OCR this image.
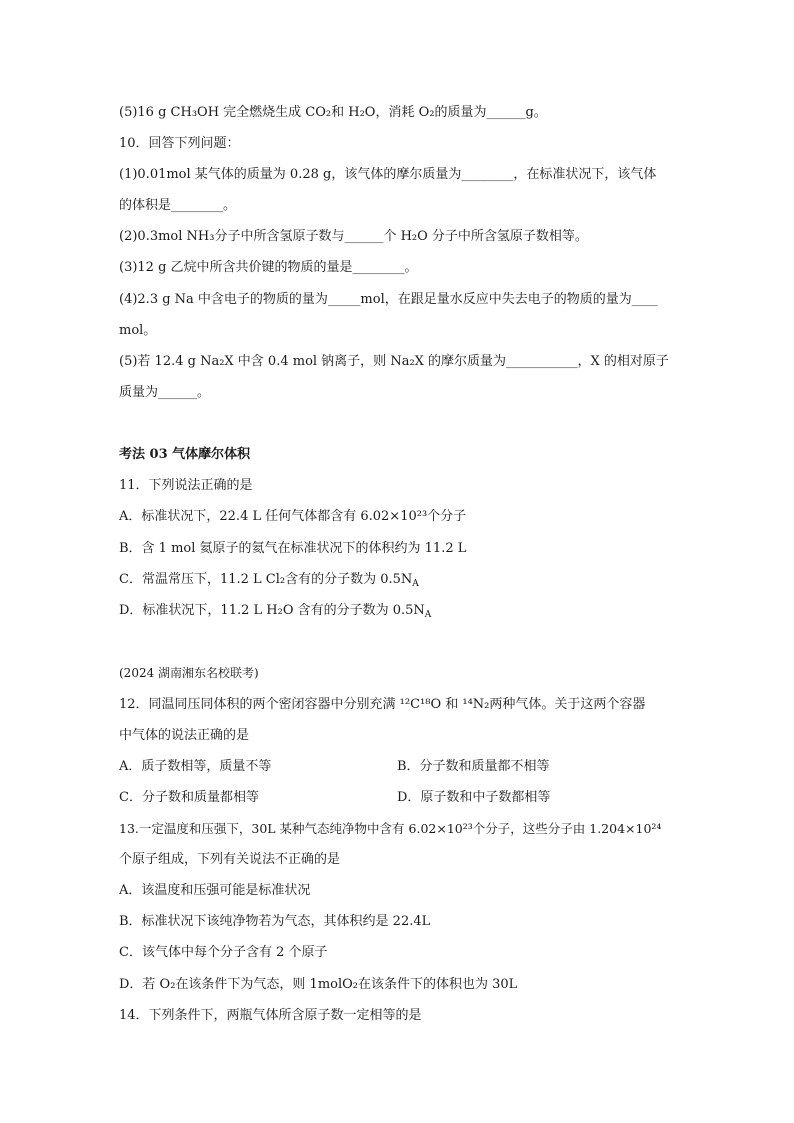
(5)16 g CH₃OH 完全燃烧生成 CO₂和 H₂O，消耗 O₂的质量为______g。
10．回答下列问题：
(1)0.01mol 某气体的质量为 0.28 g，该气体的摩尔质量为________，在标准状况下，该气体
的体积是________。
(2)0.3mol NH₃分子中所含氢原子数与______个 H₂O 分子中所含氢原子数相等。
(3)12 g 乙烷中所含共价键的物质的量是________。
(4)2.3 g Na 中含电子的物质的量为_____mol，在跟足量水反应中失去电子的物质的量为____
mol。
(5)若 12.4 g Na₂X 中含 0.4 mol 钠离子，则 Na₂X 的摩尔质量为___________，X 的相对原子
质量为______。
考法 03 气体摩尔体积
11．下列说法正确的是
A．标准状况下，22.4 L 任何气体都含有 6.02×10²³个分子
B．含 1 mol 氦原子的氦气在标准状况下的体积约为 11.2 L
C．常温常压下，11.2 L Cl₂含有的分子数为 $0.5N_A$
D．标准状况下，11.2 L H₂O 含有的分子数为 $0.5N_A$
(2024 湖南湘东名校联考)
12．同温同压同体积的两个密闭容器中分别充满 ¹²C¹⁸O 和 ¹⁴N₂两种气体。关于这两个容器
中气体的说法正确的是
A．质子数相等，质量不等	B．分子数和质量都不相等
C．分子数和质量都相等	D．原子数和中子数都相等
13.一定温度和压强下，30L 某种气态纯净物中含有 6.02×10²³个分子，这些分子由 1.204×10²⁴
个原子组成，下列有关说法不正确的是
A．该温度和压强可能是标准状况
B．标准状况下该纯净物若为气态，其体积约是 22.4L
C．该气体中每个分子含有 2 个原子
D．若 O₂在该条件下为气态，则 1molO₂在该条件下的体积也为 30L
14．下列条件下，两瓶气体所含原子数一定相等的是
